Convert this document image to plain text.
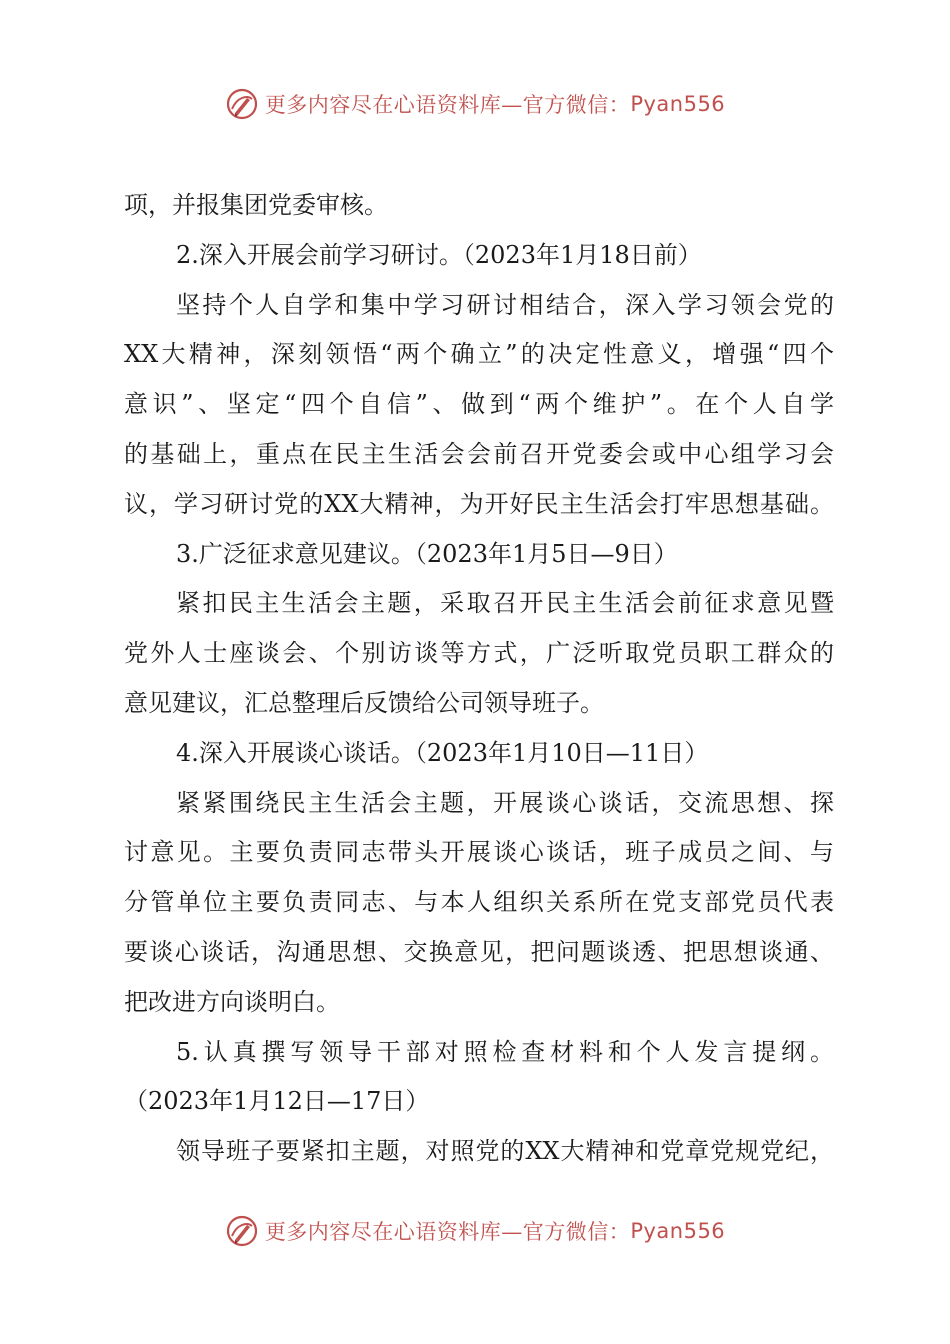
更多内容尽在心语资料库—官方微信： Pyan556
项，并报集团党委审核。
2.深入开展会前学习研讨。（2023年1月18日前）
坚持个人自学和集中学习研讨相结合，深入学习领会党的
XX大精神，深刻领悟“两个确立”的决定性意义，增强“四个
意识”、坚定“四个自信”、做到“两个维护”。在个人自学
的基础上，重点在民主生活会会前召开党委会或中心组学习会
议，学习研讨党的XX大精神，为开好民主生活会打牢思想基础。
3.广泛征求意见建议。（2023年1月5日—9日）
紧扣民主生活会主题，采取召开民主生活会前征求意见暨
党外人士座谈会、个别访谈等方式，广泛听取党员职工群众的
意见建议，汇总整理后反馈给公司领导班子。
4.深入开展谈心谈话。（2023年1月10日—11日）
紧紧围绕民主生活会主题，开展谈心谈话，交流思想、探
讨意见。主要负责同志带头开展谈心谈话，班子成员之间、与
分管单位主要负责同志、与本人组织关系所在党支部党员代表
要谈心谈话，沟通思想、交换意见，把问题谈透、把思想谈通、
把改进方向谈明白。
5.认真撰写领导干部对照检查材料和个人发言提纲。
（2023年1月12日—17日）
领导班子要紧扣主题，对照党的XX大精神和党章党规党纪，
更多内容尽在心语资料库—官方微信： Pyan556
